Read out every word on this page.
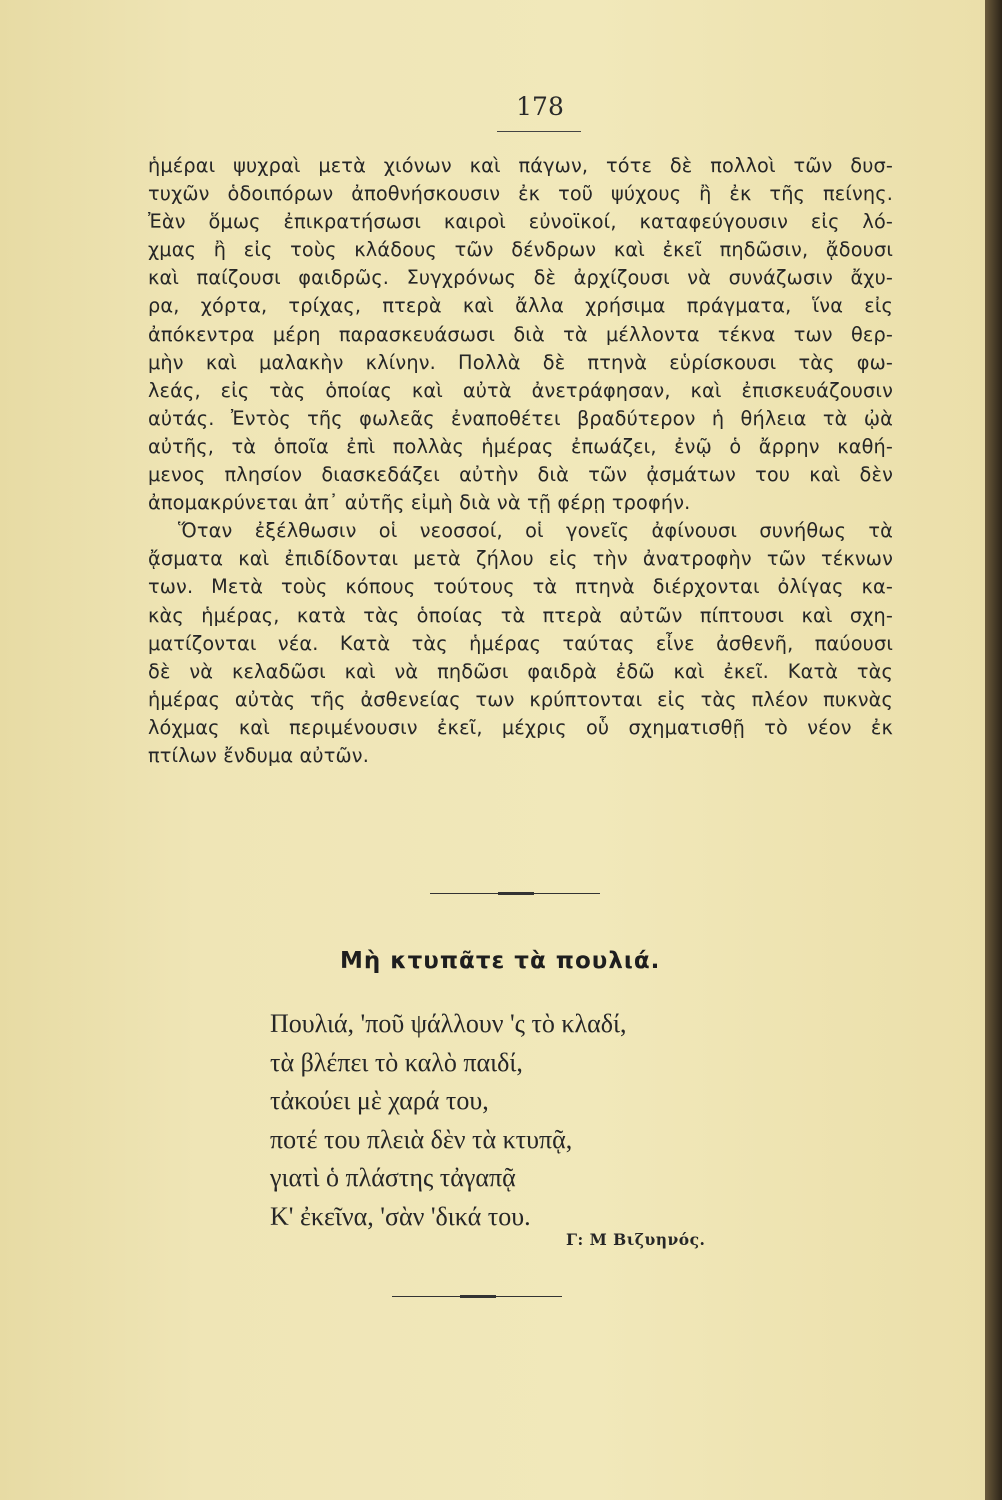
178
ἡμέραι ψυχραὶ μετὰ χιόνων καὶ πάγων, τότε δὲ πολλοὶ τῶν δυσ-
τυχῶν ὁδοιπόρων ἀποθνήσκουσιν ἐκ τοῦ ψύχους ἢ ἐκ τῆς πείνης.
Ἐὰν ὅμως ἐπικρατήσωσι καιροὶ εὐνοϊκοί, καταφεύγουσιν εἰς λό-
χμας ἢ εἰς τοὺς κλάδους τῶν δένδρων καὶ ἐκεῖ πηδῶσιν, ᾄδουσι
καὶ παίζουσι φαιδρῶς. Συγχρόνως δὲ ἀρχίζουσι νὰ συνάζωσιν ἄχυ-
ρα, χόρτα, τρίχας, πτερὰ καὶ ἄλλα χρήσιμα πράγματα, ἵνα εἰς
ἀπόκεντρα μέρη παρασκευάσωσι διὰ τὰ μέλλοντα τέκνα των θερ-
μὴν καὶ μαλακὴν κλίνην. Πολλὰ δὲ πτηνὰ εὑρίσκουσι τὰς φω-
λεάς, εἰς τὰς ὁποίας καὶ αὐτὰ ἀνετράφησαν, καὶ ἐπισκευάζουσιν
αὐτάς. Ἐντὸς τῆς φωλεᾶς ἐναποθέτει βραδύτερον ἡ θήλεια τὰ ᾠὰ
αὐτῆς, τὰ ὁποῖα ἐπὶ πολλὰς ἡμέρας ἐπωάζει, ἐνῷ ὁ ἄρρην καθή-
μενος πλησίον διασκεδάζει αὐτὴν διὰ τῶν ᾀσμάτων του καὶ δὲν
ἀπομακρύνεται ἀπ᾽ αὐτῆς εἰμὴ διὰ νὰ τῇ φέρῃ τροφήν.
Ὅταν ἐξέλθωσιν οἱ νεοσσοί, οἱ γονεῖς ἀφίνουσι συνήθως τὰ
ᾄσματα καὶ ἐπιδίδονται μετὰ ζήλου εἰς τὴν ἀνατροφὴν τῶν τέκνων
των. Μετὰ τοὺς κόπους τούτους τὰ πτηνὰ διέρχονται ὀλίγας κα-
κὰς ἡμέρας, κατὰ τὰς ὁποίας τὰ πτερὰ αὐτῶν πίπτουσι καὶ σχη-
ματίζονται νέα. Κατὰ τὰς ἡμέρας ταύτας εἶνε ἀσθενῆ, παύουσι
δὲ νὰ κελαδῶσι καὶ νὰ πηδῶσι φαιδρὰ ἐδῶ καὶ ἐκεῖ. Κατὰ τὰς
ἡμέρας αὐτὰς τῆς ἀσθενείας των κρύπτονται εἰς τὰς πλέον πυκνὰς
λόχμας καὶ περιμένουσιν ἐκεῖ, μέχρις οὗ σχηματισθῇ τὸ νέον ἐκ
πτίλων ἔνδυμα αὐτῶν.
Μὴ κτυπᾶτε τὰ πουλιά.
Πουλιά, 'ποῦ ψάλλουν 'ς τὸ κλαδί,
τὰ βλέπει τὸ καλὸ παιδί,
τἀκούει μὲ χαρά του,
ποτέ του πλειὰ δὲν τὰ κτυπᾷ,
γιατὶ ὁ πλάστης τἀγαπᾷ
Κ' ἐκεῖνα, 'σὰν 'δικά του.
Γ: Μ Βιζυηνός.
